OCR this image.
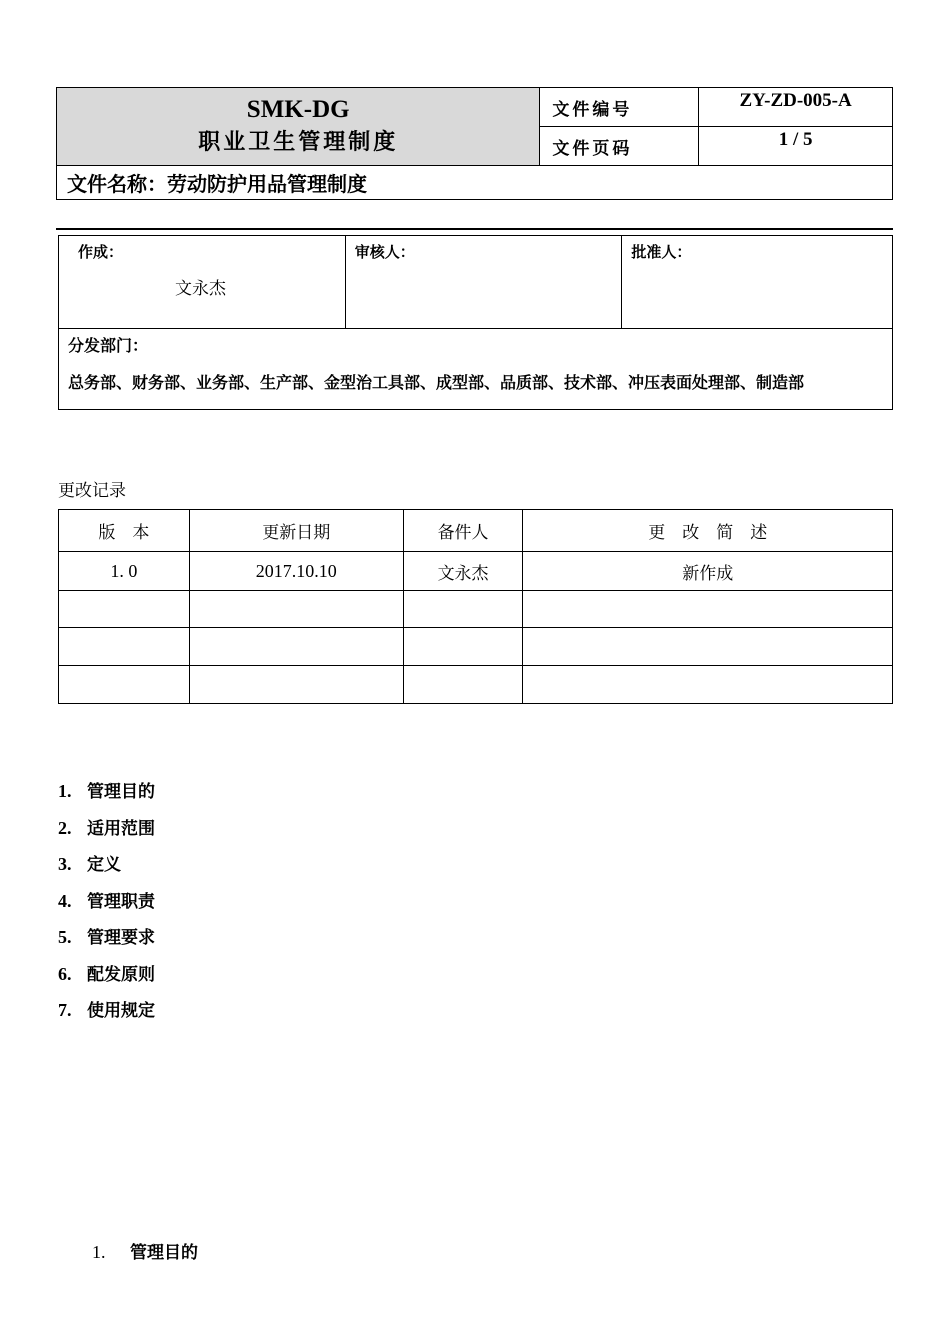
SMK-DG
职业卫生管理制度	文件编号	ZY-ZD-005-A
	文件页码	1 / 5
文件名称：劳动防护用品管理制度		
作成：
文永杰

审核人：	批准人：

分发部门：
总务部、财务部、业务部、生产部、金型治工具部、成型部、品质部、技术部、冲压表面处理部、制造部
更改记录
版　本	更新日期	备件人	更　改　简　述
1. 0	2017.10.10	文永杰	新作成

1. 管理目的
2. 适用范围
3. 定义
4. 管理职责
5. 管理要求
6. 配发原则
7. 使用规定
1. 管理目的
